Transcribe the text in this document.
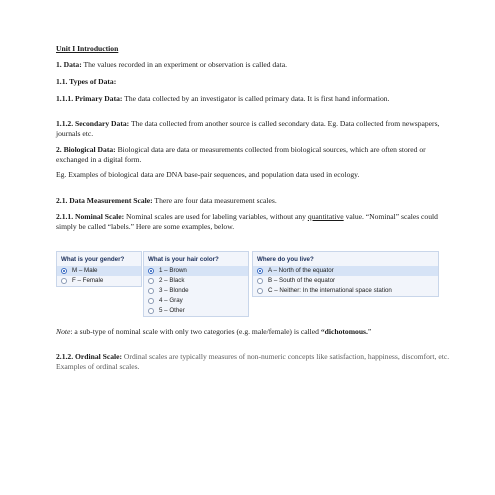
Unit I Introduction
1. Data: The values recorded in an experiment or observation is called data.
1.1. Types of Data:
1.1.1. Primary Data: The data collected by an investigator is called primary data. It is first hand information.
1.1.2. Secondary Data: The data collected from another source is called secondary data. Eg. Data collected from newspapers, journals etc.
2. Biological Data: Biological data are data or measurements collected from biological sources, which are often stored or exchanged in a digital form.
Eg. Examples of biological data are DNA base-pair sequences, and population data used in ecology.
2.1. Data Measurement Scale: There are four data measurement scales.
2.1.1. Nominal Scale: Nominal scales are used for labeling variables, without any quantitative value. “Nominal” scales could simply be called “labels.” Here are some examples, below.
What is your gender?
M – Male
F – Female
What is your hair color?
1 – Brown
2 – Black
3 – Blonde
4 – Gray
5 – Other
Where do you live?
A – North of the equator
B – South of the equator
C – Neither: In the international space station
Note: a sub-type of nominal scale with only two categories (e.g. male/female) is called “dichotomous.”
2.1.2. Ordinal Scale: Ordinal scales are typically measures of non-numeric concepts like satisfaction, happiness, discomfort, etc. Examples of ordinal scales.
